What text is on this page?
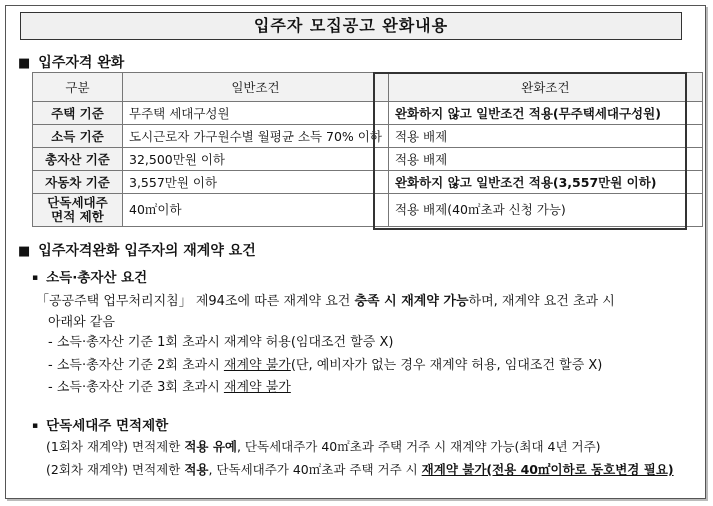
입주자 모집공고 완화내용
■ 입주자격 완화
구분	일반조건	완화조건
주택 기준	무주택 세대구성원	완화하지 않고 일반조건 적용(무주택세대구성원)
소득 기준	도시근로자 가구원수별 월평균 소득 70% 이하	적용 배제
총자산 기준	32,500만원 이하	적용 배제
자동차 기준	3,557만원 이하	완화하지 않고 일반조건 적용(3,557만원 이하)

단독세대주
면적 제한	40㎡이하	적용 배제(40㎡초과 신청 가능)
■ 입주자격완화 입주자의 재계약 요건
▪ 소득·총자산 요건
「공공주택 업무처리지침」 제94조에 따른 재계약 요건 충족 시 재계약 가능하며, 재계약 요건 초과 시
아래와 같음
- 소득·총자산 기준 1회 초과시 재계약 허용(임대조건 할증 X)
- 소득·총자산 기준 2회 초과시 재계약 불가(단, 예비자가 없는 경우 재계약 허용, 임대조건 할증 X)
- 소득·총자산 기준 3회 초과시 재계약 불가
▪ 단독세대주 면적제한
(1회차 재계약) 면적제한 적용 유예, 단독세대주가 40㎡초과 주택 거주 시 재계약 가능(최대 4년 거주)
(2회차 재계약) 면적제한 적용, 단독세대주가 40㎡초과 주택 거주 시 재계약 불가(전용 40㎡이하로 동호변경 필요)
